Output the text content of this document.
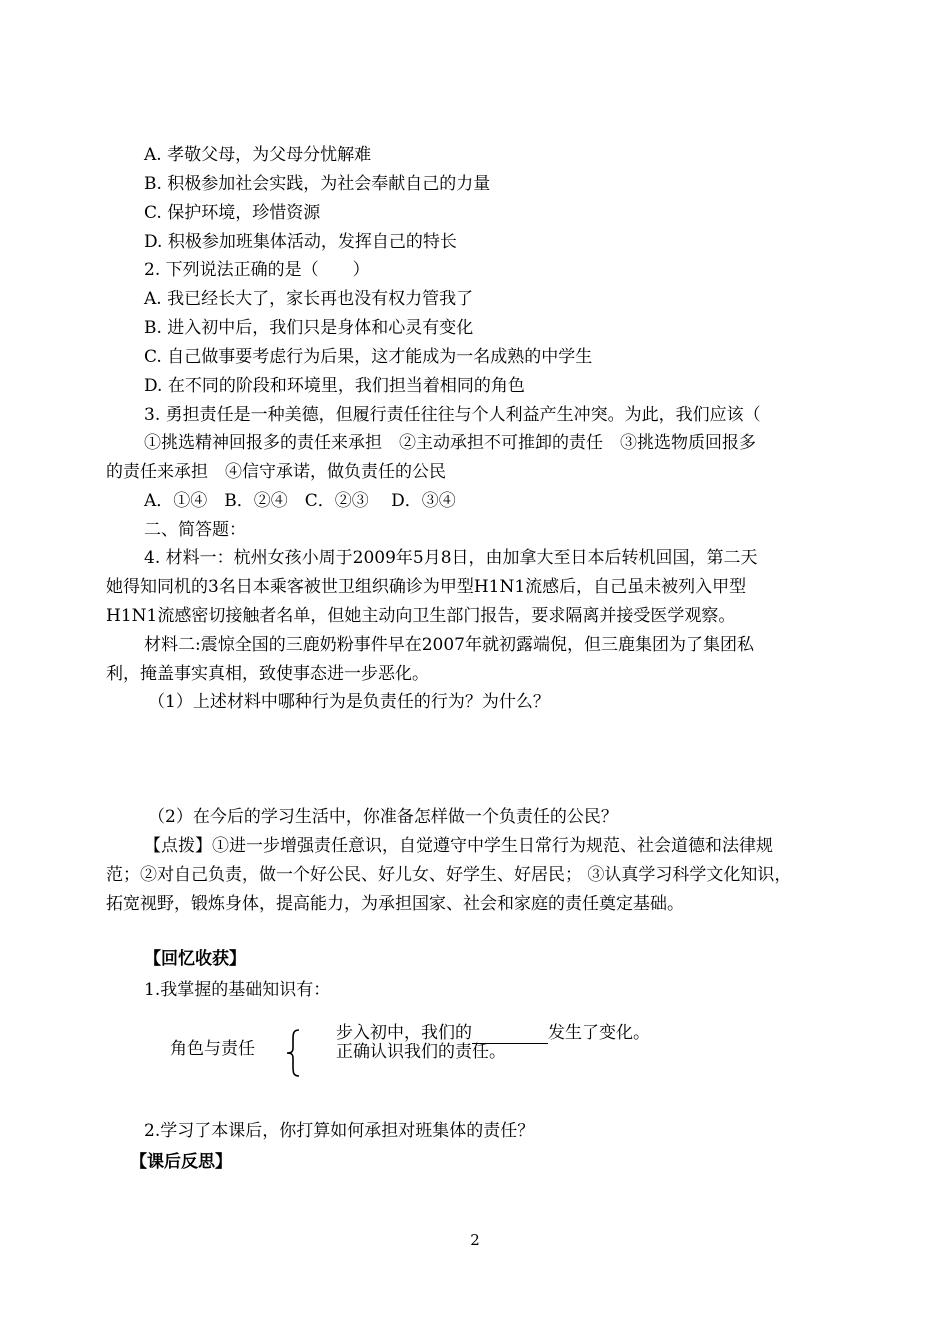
A. 孝敬父母，为父母分忧解难
B. 积极参加社会实践，为社会奉献自己的力量
C. 保护环境，珍惜资源
D. 积极参加班集体活动，发挥自己的特长
2. 下列说法正确的是（　　）
A. 我已经长大了，家长再也没有权力管我了
B. 进入初中后，我们只是身体和心灵有变化
C. 自己做事要考虑行为后果，这才能成为一名成熟的中学生
D. 在不同的阶段和环境里，我们担当着相同的角色
3. 勇担责任是一种美德，但履行责任往往与个人利益产生冲突。为此，我们应该（
①挑选精神回报多的责任来承担　②主动承担不可推卸的责任　③挑选物质回报多
的责任来承担　④信守承诺，做负责任的公民
A．①④　B．②④　C．②③　 D．③④
二、简答题：
4. 材料一：杭州女孩小周于2009年5月8日，由加拿大至日本后转机回国，第二天
她得知同机的3名日本乘客被世卫组织确诊为甲型H1N1流感后，自己虽未被列入甲型
H1N1流感密切接触者名单，但她主动向卫生部门报告，要求隔离并接受医学观察。
材料二:震惊全国的三鹿奶粉事件早在2007年就初露端倪，但三鹿集团为了集团私
利，掩盖事实真相，致使事态进一步恶化。
（1）上述材料中哪种行为是负责任的行为？为什么？
（2）在今后的学习生活中，你准备怎样做一个负责任的公民？
【点拨】①进一步增强责任意识，自觉遵守中学生日常行为规范、社会道德和法律规
范；②对自己负责，做一个好公民、好儿女、好学生、好居民； ③认真学习科学文化知识，
拓宽视野，锻炼身体，提高能力，为承担国家、社会和家庭的责任奠定基础。
【回忆收获】
1.我掌握的基础知识有：
角色与责任
步入初中，我们的	发生了变化。
正确认识我们的责任。
2.学习了本课后，你打算如何承担对班集体的责任？
【课后反思】
2
